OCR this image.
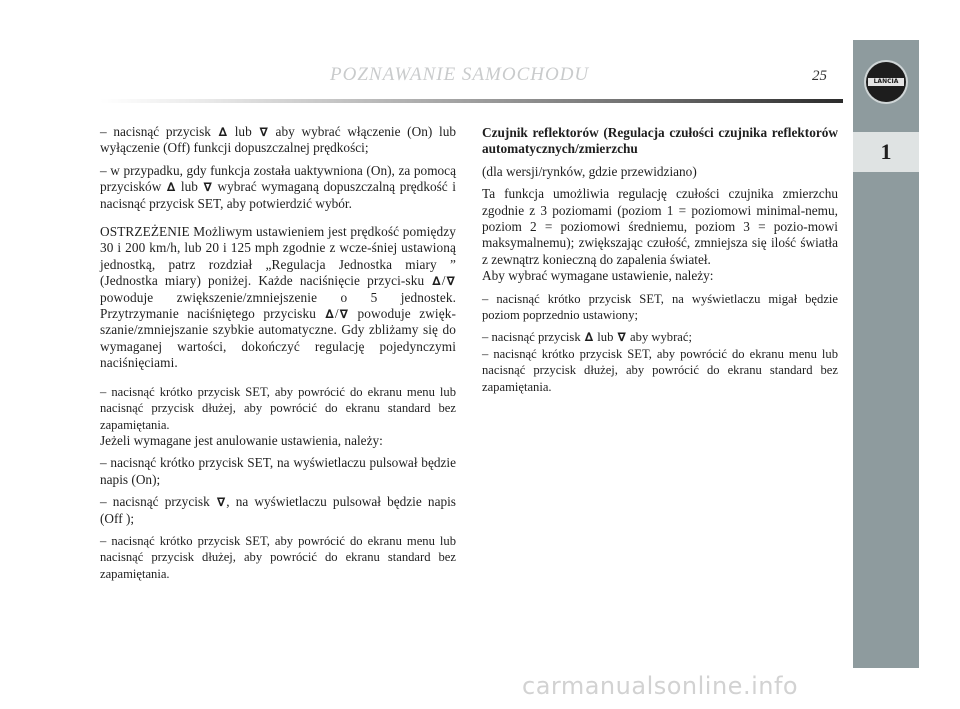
POZNAWANIE SAMOCHODU	25	LANCIA
1

– nacisnąć przycisk ∆ lub ∇ aby wybrać włączenie (On) lub wyłączenie (Off) funkcji dopuszczalnej prędkości;

– w przypadku, gdy funkcja została uaktywniona (On), za pomocą przycisków ∆ lub ∇ wybrać wymaganą dopuszczalną prędkość i nacisnąć przycisk SET, aby potwierdzić wybór.

OSTRZEŻENIE Możliwym ustawieniem jest prędkość pomiędzy 30 i 200 km/h, lub 20 i 125 mph zgodnie z wcze-śniej ustawioną jednostką, patrz rozdział „Regulacja Jednostka miary ” (Jednostka miary) poniżej. Każde naciśnięcie przyci-sku ∆/∇ powoduje zwiększenie/zmniejszenie o 5 jednostek. Przytrzymanie naciśniętego przycisku ∆/∇ powoduje zwięk-szanie/zmniejszanie szybkie automatyczne. Gdy zbliżamy się do wymaganej wartości, dokończyć regulację pojedynczymi naciśnięciami.

– nacisnąć krótko przycisk SET, aby powrócić do ekranu menu lub nacisnąć przycisk dłużej, aby powrócić do ekranu standard bez zapamiętania.

Jeżeli wymagane jest anulowanie ustawienia, należy:

– nacisnąć krótko przycisk SET, na wyświetlaczu pulsował będzie napis (On);

– nacisnąć przycisk ∇, na wyświetlaczu pulsował będzie napis (Off );

– nacisnąć krótko przycisk SET, aby powrócić do ekranu menu lub nacisnąć przycisk dłużej, aby powrócić do ekranu standard bez zapamiętania.

Czujnik reflektorów (Regulacja czułości czujnika reflektorów automatycznych/zmierzchu

(dla wersji/rynków, gdzie przewidziano)

Ta funkcja umożliwia regulację czułości czujnika zmierzchu zgodnie z 3 poziomami (poziom 1 = poziomowi minimal-nemu, poziom 2 = poziomowi średniemu, poziom 3 = pozio-mowi maksymalnemu); zwiększając czułość, zmniejsza się ilość światła z zewnątrz konieczną do zapalenia świateł.

Aby wybrać wymagane ustawienie, należy:

– nacisnąć krótko przycisk SET, na wyświetlaczu migał będzie poziom poprzednio ustawiony;

– nacisnąć przycisk ∆ lub ∇ aby wybrać;

– nacisnąć krótko przycisk SET, aby powrócić do ekranu menu lub nacisnąć przycisk dłużej, aby powrócić do ekranu standard bez zapamiętania.

carmanualsonline.info
